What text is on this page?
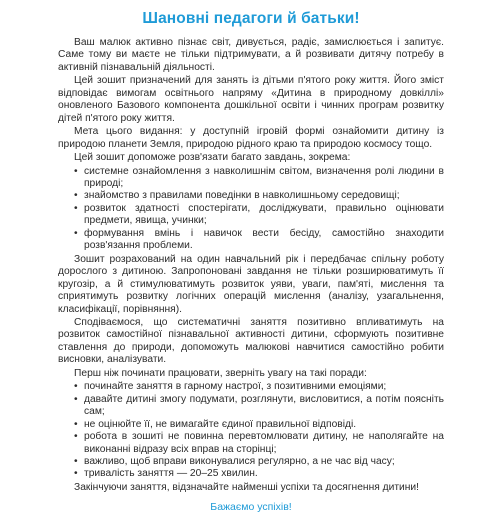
Шановні педагоги й батьки!

Ваш малюк активно пізнає світ, дивується, радіє, замислюється і запитує. Саме тому ви маєте не тільки підтримувати, а й розвивати дитячу потребу в активній пізнавальній діяльності.

Цей зошит призначений для занять із дітьми п'ятого року життя. Його зміст відповідає вимогам освітнього напряму «Дитина в природному довкіллі» оновленого Базового компонента дошкільної освіти і чинних програм розвитку дітей п'ятого року життя.

Мета цього видання: у доступній ігровій формі ознайомити дитину із природою планети Земля, природою рідного краю та природою космосу тощо.

Цей зошит допоможе розв'язати багато завдань, зокрема:

• системне ознайомлення з навколишнім світом, визначення ролі людини в природі;
• знайомство з правилами поведінки в навколишньому середовищі;
• розвиток здатності спостерігати, досліджувати, правильно оцінювати предмети, явища, учинки;
• формування вмінь і навичок вести бесіду, самостійно знаходити розв'язання проблеми.

Зошит розрахований на один навчальний рік і передбачає спільну роботу дорослого з дитиною. Запропоновані завдання не тільки розширюватимуть її кругозір, а й стимулюватимуть розвиток уяви, уваги, пам'яті, мислення та сприятимуть розвитку логічних операцій мислення (аналізу, узагальнення, класифікації, порівняння).

Сподіваємося, що систематичні заняття позитивно впливатимуть на розвиток самостійної пізнавальної активності дитини, сформують позитивне ставлення до природи, допоможуть малюкові навчитися самостійно робити висновки, аналізувати.

Перш ніж починати працювати, зверніть увагу на такі поради:

• починайте заняття в гарному настрої, з позитивними емоціями;
• давайте дитині змогу подумати, розглянути, висловитися, а потім поясніть сам;
• не оцінюйте її, не вимагайте єдиної правильної відповіді.
• робота в зошиті не повинна перевтомлювати дитину, не наполягайте на виконанні відразу всіх вправ на сторінці;
• важливо, щоб вправи виконувалися регулярно, а не час від часу;
• тривалість заняття — 20–25 хвилин.

Закінчуючи заняття, відзначайте найменші успіхи та досягнення дитини!

Бажаємо успіхів!
